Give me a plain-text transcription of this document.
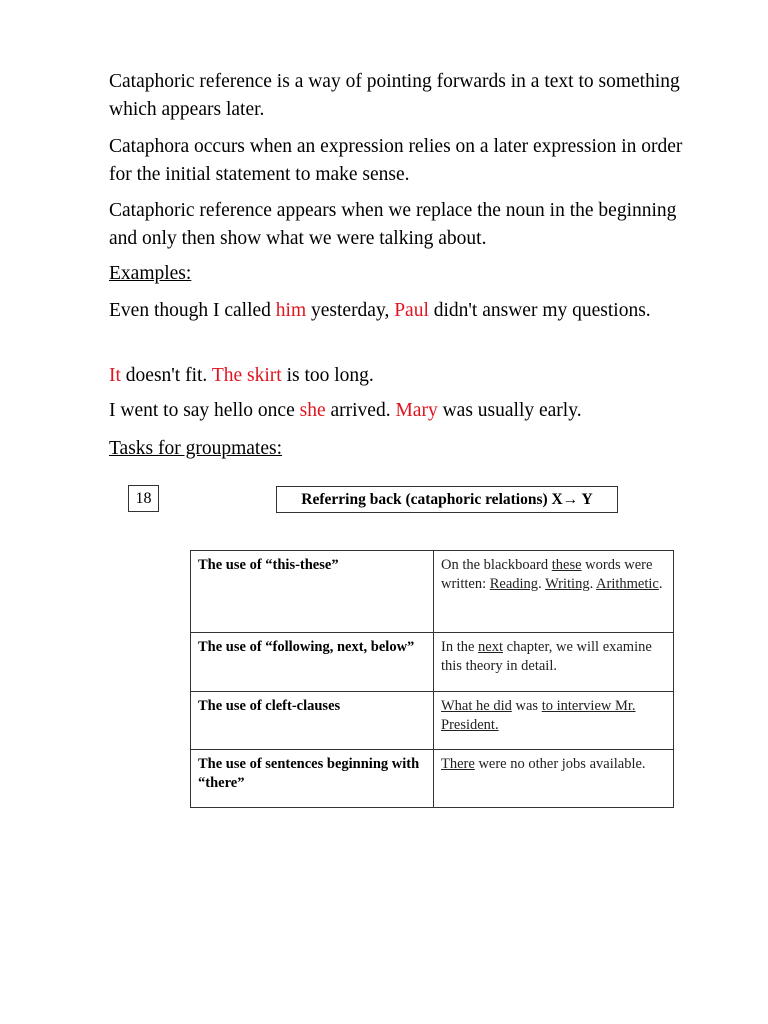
Cataphoric reference is a way of pointing forwards in a text to something which appears later.

Cataphora occurs when an expression relies on a later expression in order for the initial statement to make sense.

Cataphoric reference appears when we replace the noun in the beginning and only then show what we were talking about.

Examples:

Even though I called him yesterday, Paul didn't answer my questions.

It doesn't fit. The skirt is too long.

I went to say hello once she arrived. Mary was usually early.

Tasks for groupmates:

18	Referring back (cataphoric relations) X→ Y
The use of “this-these”	On the blackboard these words were written: Reading. Writing. Arithmetic.
The use of “following, next, below”	In the next chapter, we will examine this theory in detail.
The use of cleft-clauses	What he did was to interview Mr. President.
The use of sentences beginning with “there”	There were no other jobs available.
